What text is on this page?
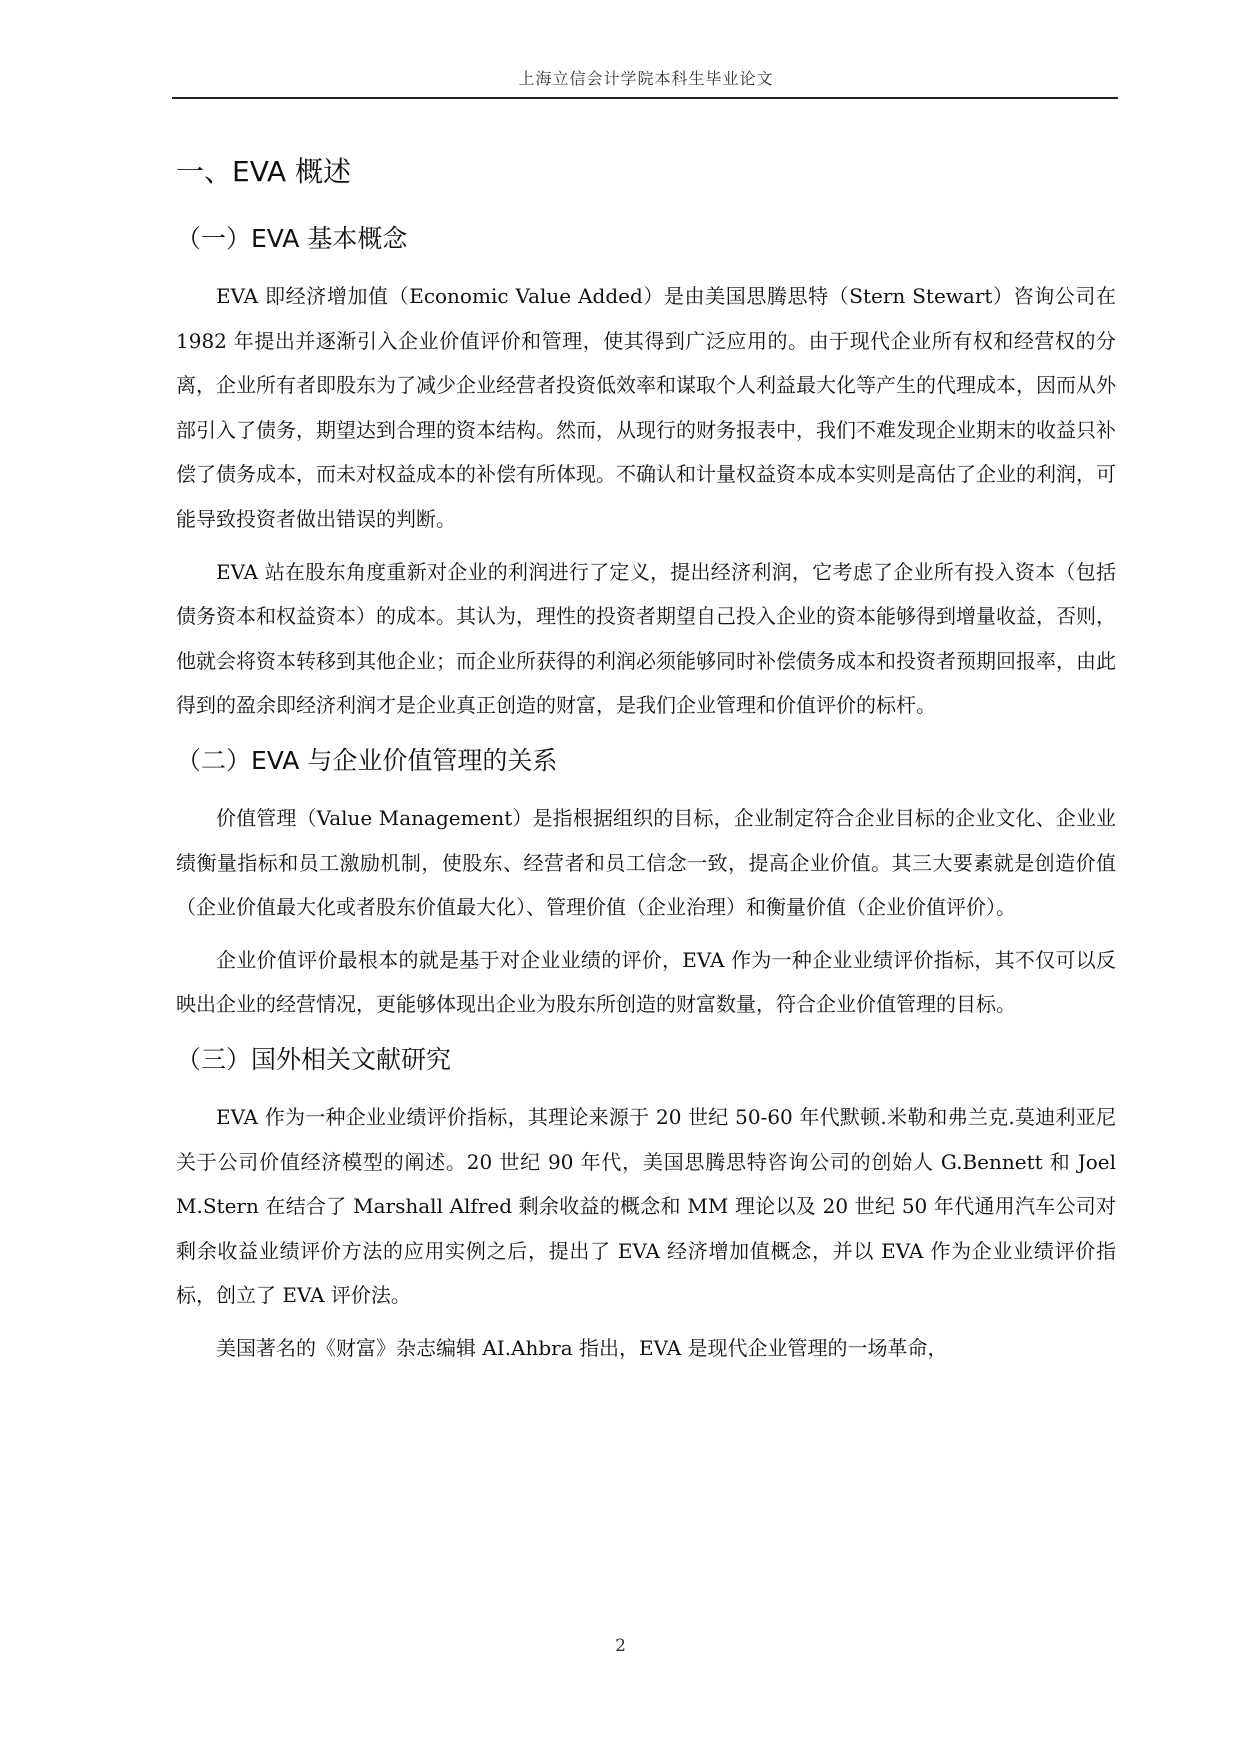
上海立信会计学院本科生毕业论文
一、EVA 概述
（一）EVA 基本概念

EVA 即经济增加值（Economic Value Added）是由美国思腾思特（Stern Stewart）咨询公司在 1982 年提出并逐渐引入企业价值评价和管理，使其得到广泛应用的。由于现代企业所有权和经营权的分离，企业所有者即股东为了减少企业经营者投资低效率和谋取个人利益最大化等产生的代理成本，因而从外部引入了债务，期望达到合理的资本结构。然而，从现行的财务报表中，我们不难发现企业期末的收益只补偿了债务成本，而未对权益成本的补偿有所体现。不确认和计量权益资本成本实则是高估了企业的利润，可能导致投资者做出错误的判断。

EVA 站在股东角度重新对企业的利润进行了定义，提出经济利润，它考虑了企业所有投入资本（包括债务资本和权益资本）的成本。其认为，理性的投资者期望自己投入企业的资本能够得到增量收益，否则，他就会将资本转移到其他企业；而企业所获得的利润必须能够同时补偿债务成本和投资者预期回报率，由此得到的盈余即经济利润才是企业真正创造的财富，是我们企业管理和价值评价的标杆。

（二）EVA 与企业价值管理的关系

价值管理（Value Management）是指根据组织的目标，企业制定符合企业目标的企业文化、企业业绩衡量指标和员工激励机制，使股东、经营者和员工信念一致，提高企业价值。其三大要素就是创造价值（企业价值最大化或者股东价值最大化）、管理价值（企业治理）和衡量价值（企业价值评价）。

企业价值评价最根本的就是基于对企业业绩的评价，EVA 作为一种企业业绩评价指标，其不仅可以反映出企业的经营情况，更能够体现出企业为股东所创造的财富数量，符合企业价值管理的目标。

（三）国外相关文献研究

EVA 作为一种企业业绩评价指标，其理论来源于 20 世纪 50-60 年代默顿.米勒和弗兰克.莫迪利亚尼关于公司价值经济模型的阐述。20 世纪 90 年代，美国思腾思特咨询公司的创始人 G.Bennett 和 Joel M.Stern 在结合了 Marshall Alfred 剩余收益的概念和 MM 理论以及 20 世纪 50 年代通用汽车公司对剩余收益业绩评价方法的应用实例之后，提出了 EVA 经济增加值概念，并以 EVA 作为企业业绩评价指标，创立了 EVA 评价法。

美国著名的《财富》杂志编辑 AI.Ahbra 指出，EVA 是现代企业管理的一场革命，

2
